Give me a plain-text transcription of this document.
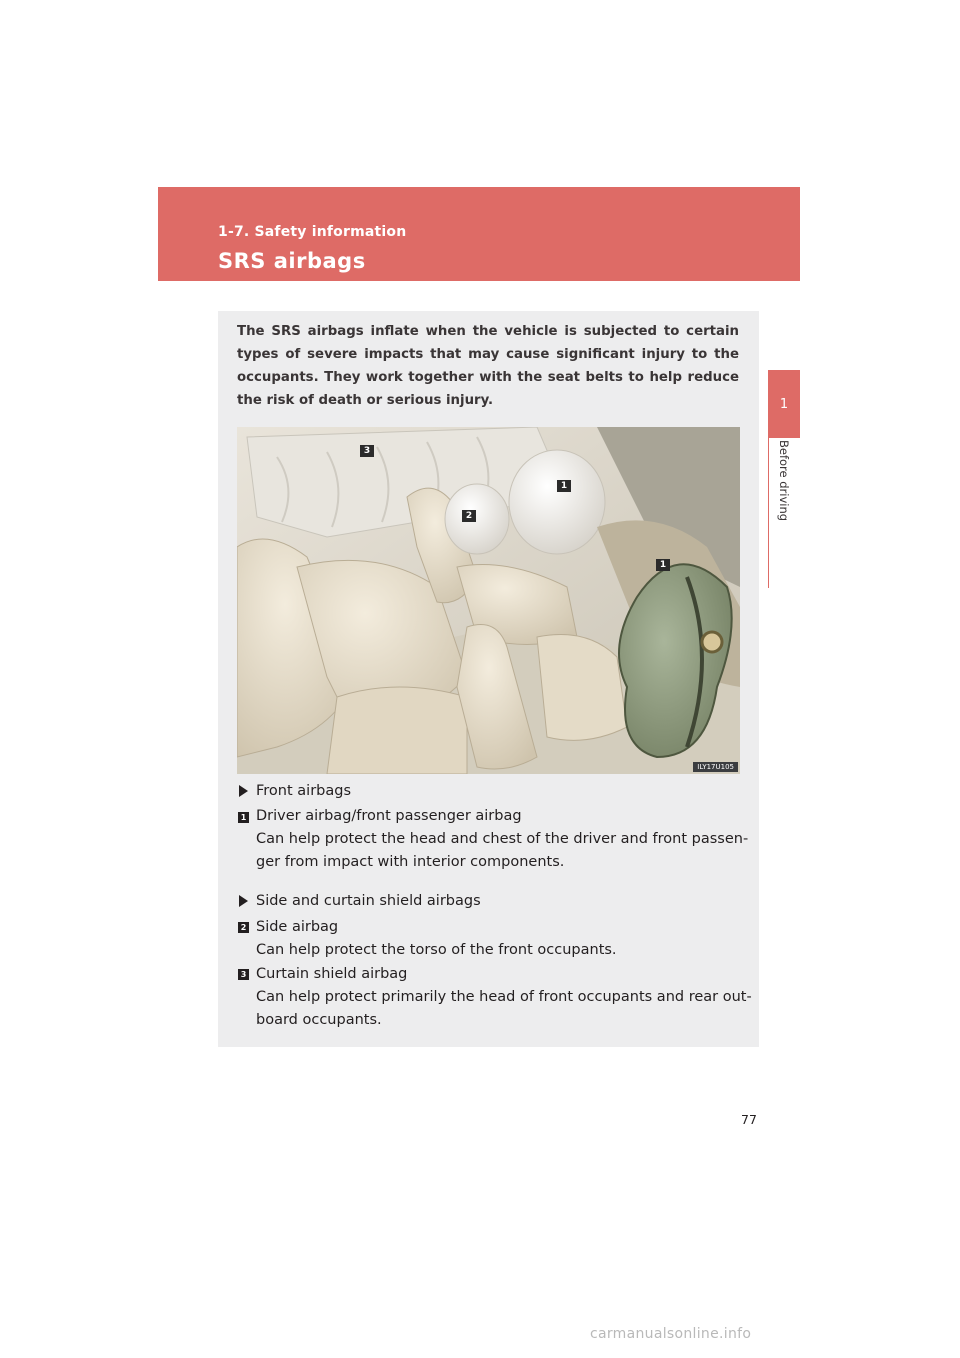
1-7. Safety information
SRS airbags
1
Before driving
The SRS airbags inflate when the vehicle is subjected to certain types of severe impacts that may cause significant injury to the occupants. They work together with the seat belts to help reduce the risk of death or serious injury.
3
1
2
1
ILY17U105
Front airbags
1 Driver airbag/front passenger airbag
Can help protect the head and chest of the driver and front passen-
ger from impact with interior components.
Side and curtain shield airbags
2 Side airbag
Can help protect the torso of the front occupants.
3 Curtain shield airbag
Can help protect primarily the head of front occupants and rear out-
board occupants.
77
carmanualsonline.info
